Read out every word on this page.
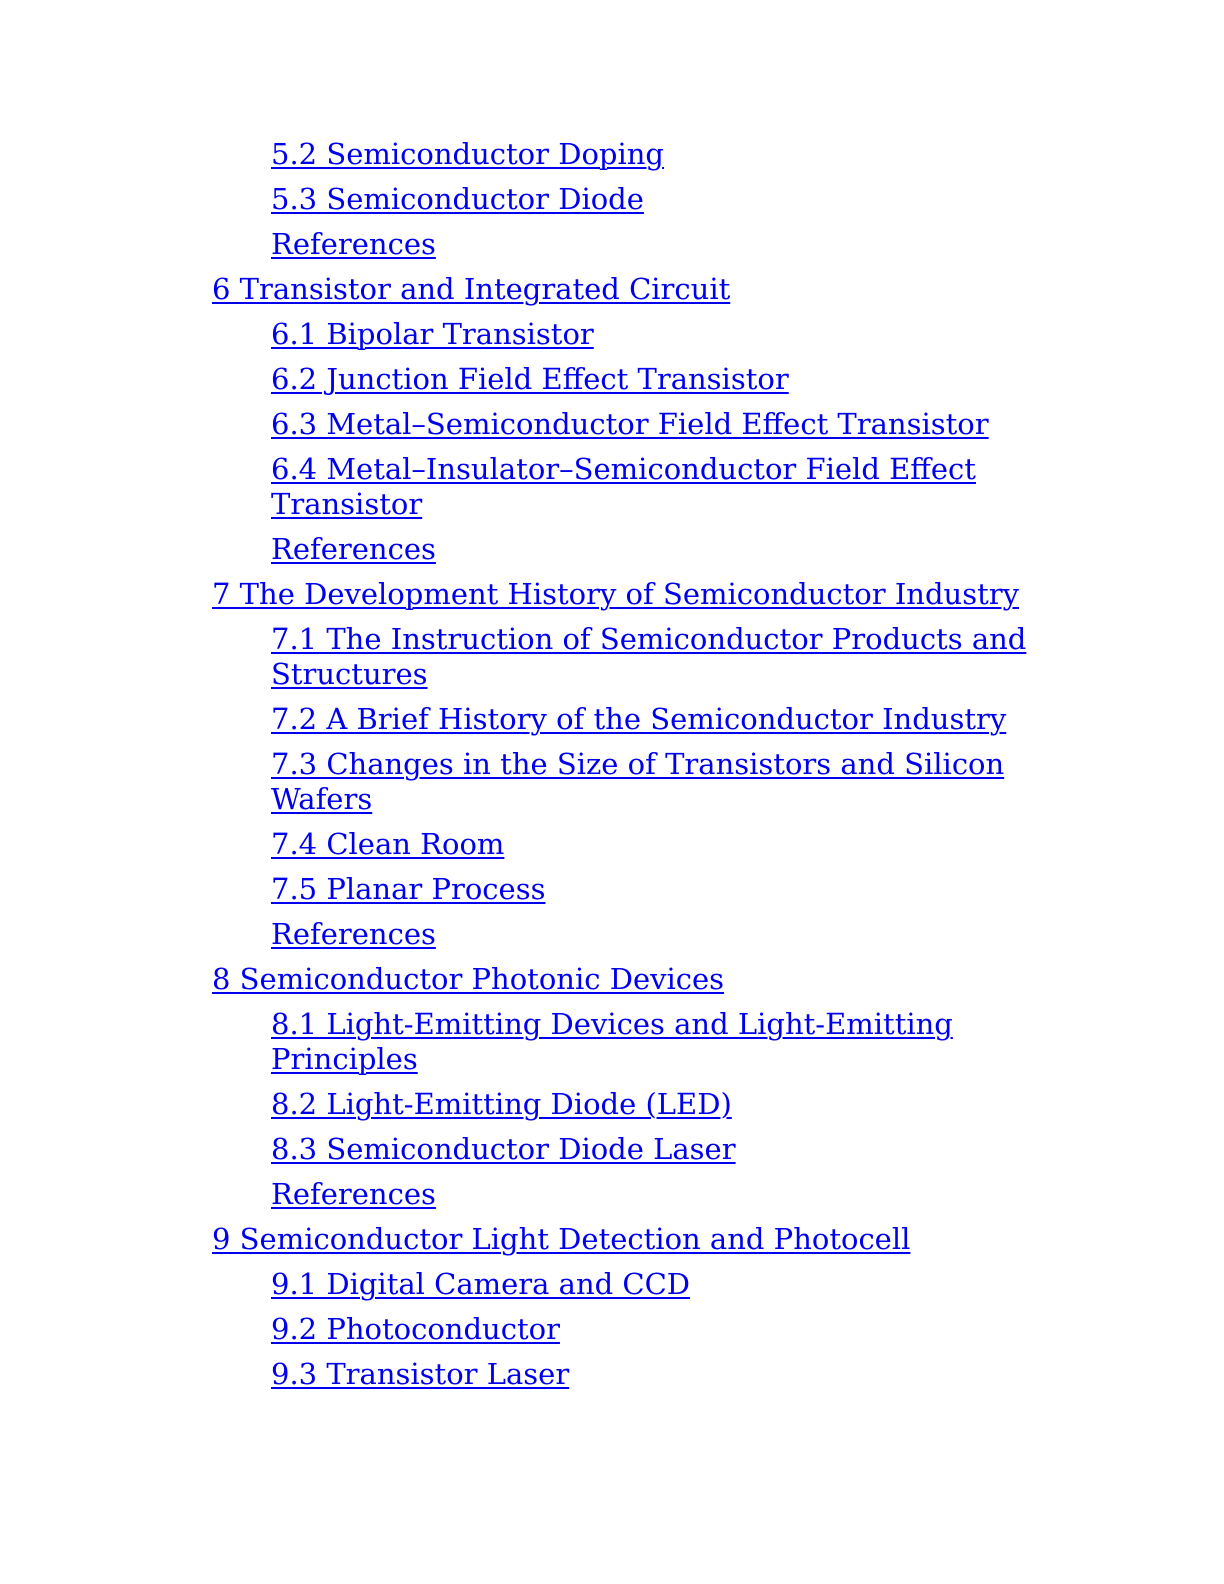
5.2 Semiconductor Doping
5.3 Semiconductor Diode
References
6 Transistor and Integrated Circuit
6.1 Bipolar Transistor
6.2 Junction Field Effect Transistor
6.3 Metal–Semiconductor Field Effect Transistor
6.4 Metal–Insulator–Semiconductor Field Effect Transistor
References
7 The Development History of Semiconductor Industry
7.1 The Instruction of Semiconductor Products and Structures
7.2 A Brief History of the Semiconductor Industry
7.3 Changes in the Size of Transistors and Silicon Wafers
7.4 Clean Room
7.5 Planar Process
References
8 Semiconductor Photonic Devices
8.1 Light-Emitting Devices and Light-Emitting Principles
8.2 Light-Emitting Diode (LED)
8.3 Semiconductor Diode Laser
References
9 Semiconductor Light Detection and Photocell
9.1 Digital Camera and CCD
9.2 Photoconductor
9.3 Transistor Laser
